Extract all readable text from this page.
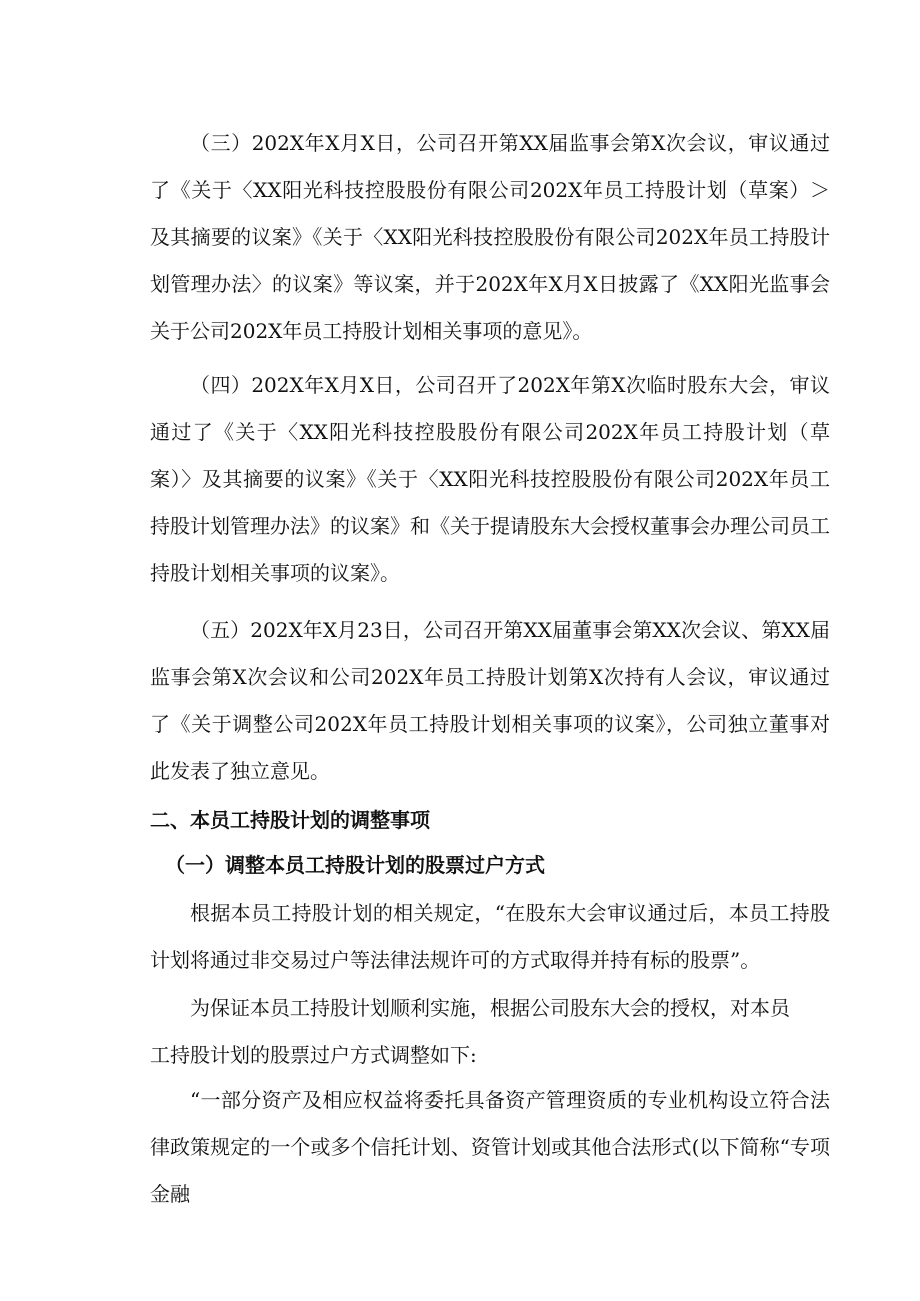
（三）202X年X月X日，公司召开第XX届监事会第X次会议，审议通过了《关于〈XX阳光科技控股股份有限公司202X年员工持股计划（草案）＞及其摘要的议案》《关于〈XX阳光科技控股股份有限公司202X年员工持股计划管理办法〉的议案》等议案，并于202X年X月X日披露了《XX阳光监事会关于公司202X年员工持股计划相关事项的意见》。

（四）202X年X月X日，公司召开了202X年第X次临时股东大会，审议通过了《关于〈XX阳光科技控股股份有限公司202X年员工持股计划（草案）〉及其摘要的议案》《关于〈XX阳光科技控股股份有限公司202X年员工持股计划管理办法》的议案》和《关于提请股东大会授权董事会办理公司员工持股计划相关事项的议案》。

（五）202X年X月23日，公司召开第XX届董事会第XX次会议、第XX届监事会第X次会议和公司202X年员工持股计划第X次持有人会议，审议通过了《关于调整公司202X年员工持股计划相关事项的议案》，公司独立董事对此发表了独立意见。

二、本员工持股计划的调整事项
（一）调整本员工持股计划的股票过户方式

根据本员工持股计划的相关规定，“在股东大会审议通过后，本员工持股计划将通过非交易过户等法律法规许可的方式取得并持有标的股票”。

为保证本员工持股计划顺利实施，根据公司股东大会的授权，对本员工持股计划的股票过户方式调整如下:

“一部分资产及相应权益将委托具备资产管理资质的专业机构设立符合法律政策规定的一个或多个信托计划、资管计划或其他合法形式(以下简称“专项金融
